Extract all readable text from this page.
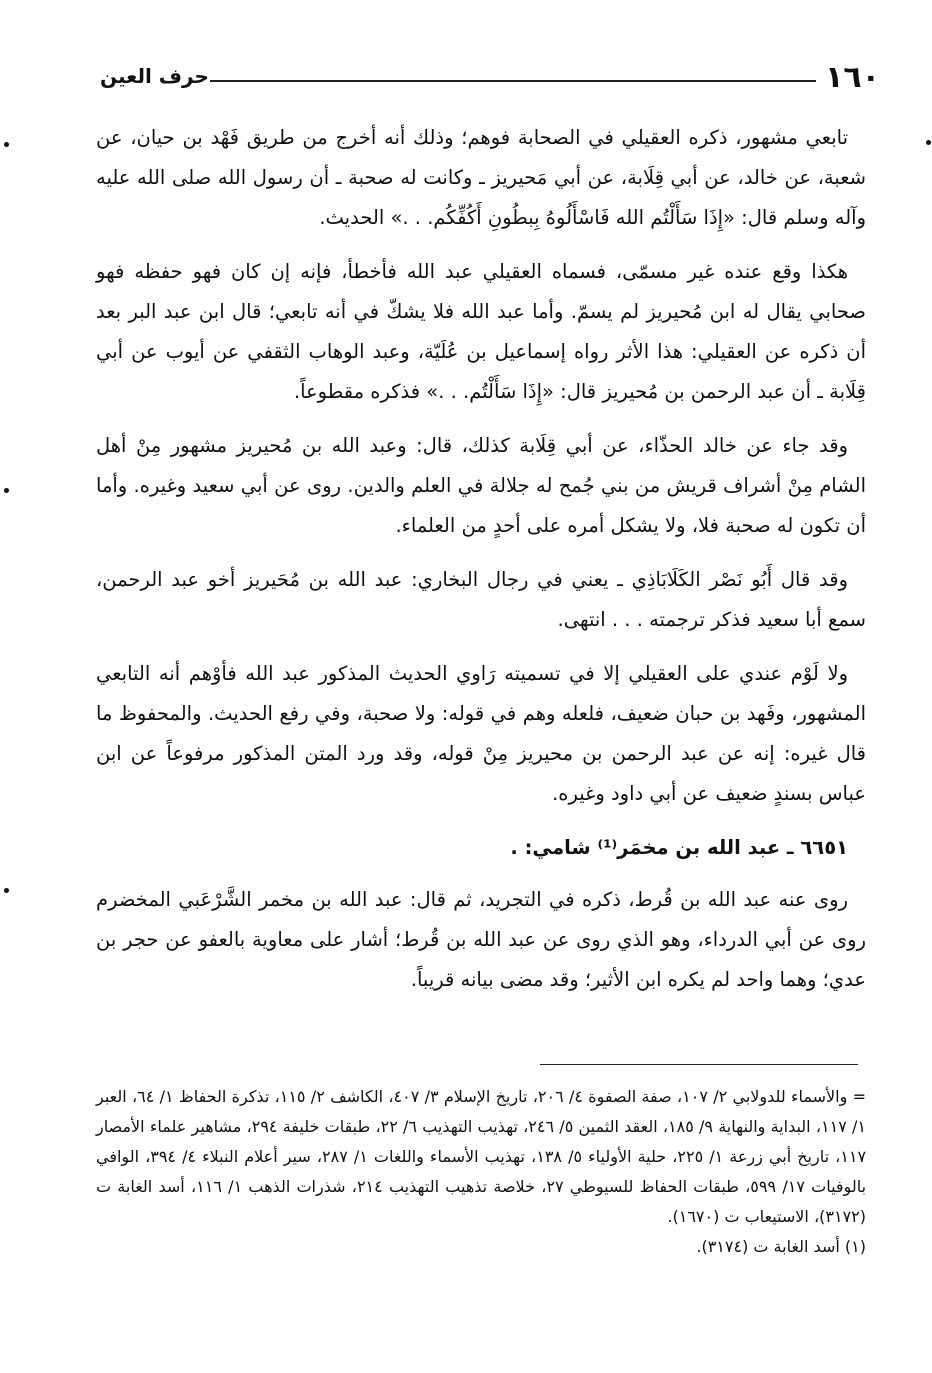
١٦٠
حرف العين

تابعي مشهور، ذكره العقيلي في الصحابة فوهم؛ وذلك أنه أخرج من طريق فَهْد بن حيان، عن شعبة، عن خالد، عن أبي قِلَابة، عن أبي مَحيريز ـ وكانت له صحبة ـ أن رسول الله صلى الله عليه وآله وسلم قال: «إِذَا سَأَلْتُم الله فَاسْأَلُوهُ بِبطُونِ أَكُفِّكُم. . .» الحديث.

هكذا وقع عنده غير مسمّى، فسماه العقيلي عبد الله فأخطأ، فإنه إن كان فهو حفظه فهو صحابي يقال له ابن مُحيريز لم يسمّ. وأما عبد الله فلا يشكّ في أنه تابعي؛ قال ابن عبد البر بعد أن ذكره عن العقيلي: هذا الأثر رواه إسماعيل بن عُلَيّة، وعبد الوهاب الثقفي عن أيوب عن أبي قِلَابة ـ أن عبد الرحمن بن مُحيريز قال: «إِذَا سَأَلْتُم. . .» فذكره مقطوعاً.

وقد جاء عن خالد الحذّاء، عن أبي قِلَابة كذلك، قال: وعبد الله بن مُحيريز مشهور مِنْ أهل الشام مِنْ أشراف قريش من بني جُمح له جلالة في العلم والدين. روى عن أبي سعيد وغيره. وأما أن تكون له صحبة فلا، ولا يشكل أمره على أحدٍ من العلماء.

وقد قال أَبُو نَصْر الكَلَابَاذِي ـ يعني في رجال البخاري: عبد الله بن مُحَيريز أخو عبد الرحمن، سمع أبا سعيد فذكر ترجمته . . . انتهى.

ولا لَوْم عندي على العقيلي إلا في تسميته رَاوي الحديث المذكور عبد الله فأوْهم أنه التابعي المشهور، وفَهد بن حبان ضعيف، فلعله وهم في قوله: ولا صحبة، وفي رفع الحديث. والمحفوظ ما قال غيره: إنه عن عبد الرحمن بن محيريز مِنْ قوله، وقد ورد المتن المذكور مرفوعاً عن ابن عباس بسندٍ ضعيف عن أبي داود وغيره.

٦٦٥١ ـ عبد الله بن مخمَر⁽¹⁾ شامي: .

روى عنه عبد الله بن قُرط، ذكره في التجريد، ثم قال: عبد الله بن مخمر الشَّرْعَبي المخضرم روى عن أبي الدرداء، وهو الذي روى عن عبد الله بن قُرط؛ أشار على معاوية بالعفو عن حجر بن عدي؛ وهما واحد لم يكره ابن الأثير؛ وقد مضى بيانه قريباً.

= والأسماء للدولابي ٢/ ١٠٧، صفة الصفوة ٤/ ٢٠٦، تاريخ الإسلام ٣/ ٤٠٧، الكاشف ٢/ ١١٥، تذكرة الحفاظ ١/ ٦٤، العبر ١/ ١١٧، البداية والنهاية ٩/ ١٨٥، العقد الثمين ٥/ ٢٤٦، تهذيب التهذيب ٦/ ٢٢، طبقات خليفة ٢٩٤، مشاهير علماء الأمصار ١١٧، تاريخ أبي زرعة ١/ ٢٢٥، حلية الأولياء ٥/ ١٣٨، تهذيب الأسماء واللغات ١/ ٢٨٧، سير أعلام النبلاء ٤/ ٣٩٤، الوافي بالوفيات ١٧/ ٥٩٩، طبقات الحفاظ للسيوطي ٢٧، خلاصة تذهيب التهذيب ٢١٤، شذرات الذهب ١/ ١١٦، أسد الغابة ت (٣١٧٢)، الاستيعاب ت (١٦٧٠).

(١) أسد الغابة ت (٣١٧٤).
